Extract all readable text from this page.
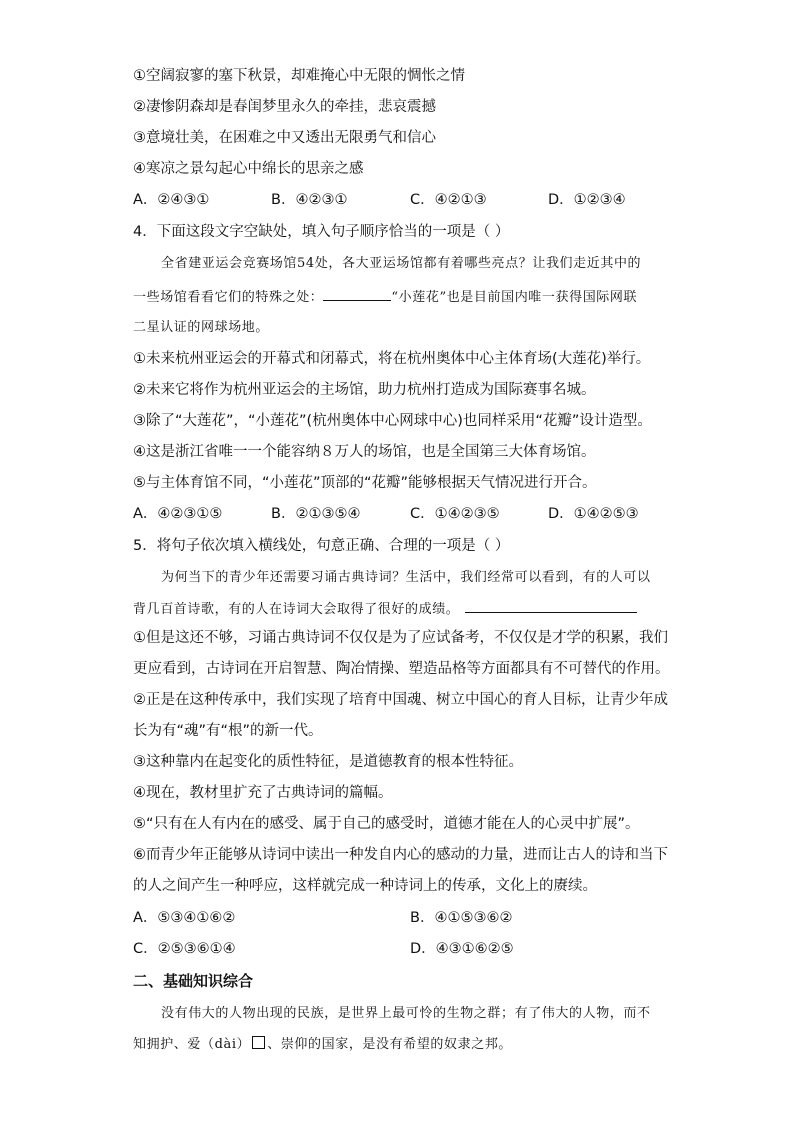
①空阔寂寥的塞下秋景，却难掩心中无限的惆怅之情
②凄惨阴森却是春闺梦里永久的牵挂，悲哀震撼
③意境壮美，在困难之中又透出无限勇气和信心
④寒凉之景勾起心中绵长的思亲之感
A．②④③①	B．④②③①	C．④②①③	D．①②③④
4．下面这段文字空缺处，填入句子顺序恰当的一项是（ ）
全省建亚运会竞赛场馆54处，各大亚运场馆都有着哪些亮点？让我们走近其中的
一些场馆看看它们的特殊之处：	“小莲花”也是目前国内唯一获得国际网联
二星认证的网球场地。
①未来杭州亚运会的开幕式和闭幕式，将在杭州奥体中心主体育场(大莲花)举行。
②未来它将作为杭州亚运会的主场馆，助力杭州打造成为国际赛事名城。
③除了“大莲花”，“小莲花”(杭州奥体中心网球中心)也同样采用“花瓣”设计造型。
④这是浙江省唯一一个能容纳８万人的场馆，也是全国第三大体育场馆。
⑤与主体育馆不同，“小莲花”顶部的“花瓣”能够根据天气情况进行开合。
A．④②③①⑤	B．②①③⑤④	C．①④②③⑤	D．①④②⑤③
5．将句子依次填入横线处，句意正确、合理的一项是（ ）
为何当下的青少年还需要习诵古典诗词？生活中，我们经常可以看到，有的人可以
背几百首诗歌，有的人在诗词大会取得了很好的成绩。
①但是这还不够，习诵古典诗词不仅仅是为了应试备考，不仅仅是才学的积累，我们
更应看到，古诗词在开启智慧、陶冶情操、塑造品格等方面都具有不可替代的作用。
②正是在这种传承中，我们实现了培育中国魂、树立中国心的育人目标，让青少年成
长为有“魂”有“根”的新一代。
③这种靠内在起变化的质性特征，是道德教育的根本性特征。
④现在，教材里扩充了古典诗词的篇幅。
⑤“只有在人有内在的感受、属于自己的感受时，道德才能在人的心灵中扩展”。
⑥而青少年正能够从诗词中读出一种发自内心的感动的力量，进而让古人的诗和当下
的人之间产生一种呼应，这样就完成一种诗词上的传承，文化上的赓续。
A．⑤③④①⑥②	B．④①⑤③⑥②
C．②⑤③⑥①④	D．④③①⑥②⑤
二、基础知识综合
没有伟大的人物出现的民族，是世界上最可怜的生物之群；有了伟大的人物，而不
知拥护、爱（dài） 、崇仰的国家，是没有希望的奴隶之邦。
